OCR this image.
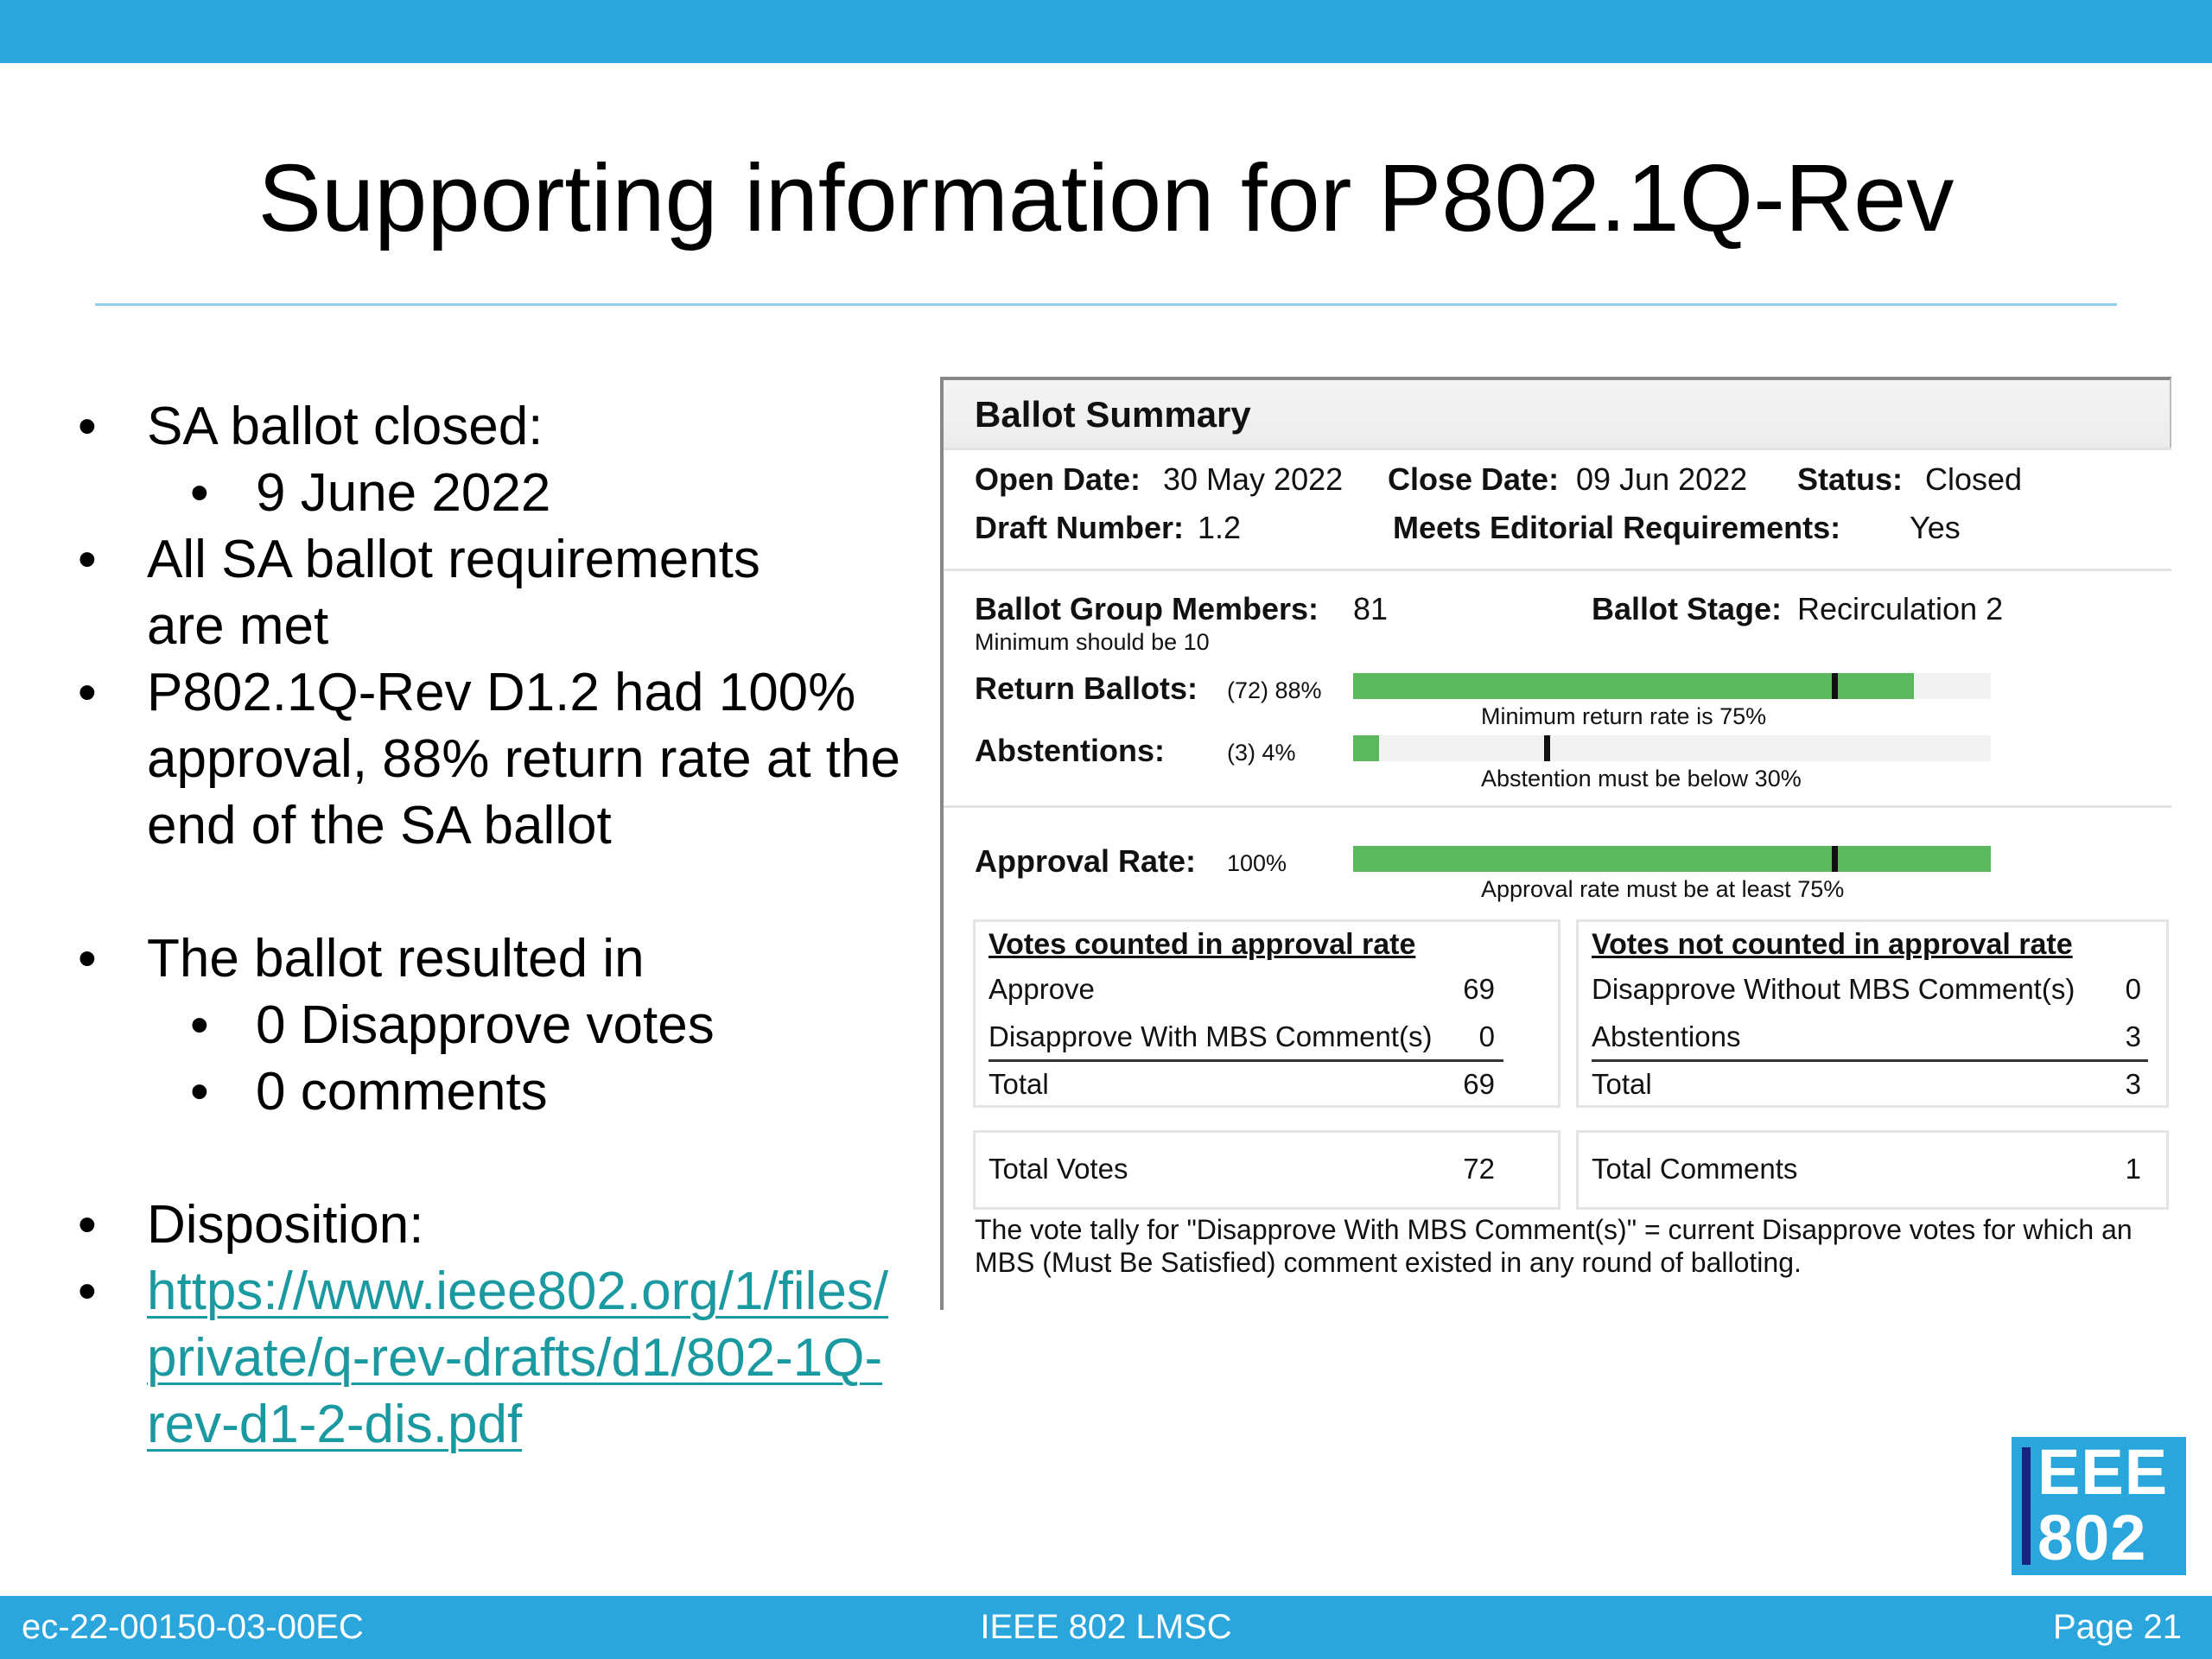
Supporting information for P802.1Q-Rev
• SA ballot closed:
• 9 June 2022
• All SA ballot requirements
are met
• P802.1Q-Rev D1.2 had 100%
approval, 88% return rate at the
end of the SA ballot
• The ballot resulted in
• 0 Disapprove votes
• 0 comments
• Disposition:
• https://www.ieee802.org/1/files/
private/q-rev-drafts/d1/802-1Q-
rev-d1-2-dis.pdf
Ballot Summary
Open Date: 30 May 2022 Close Date: 09 Jun 2022 Status: Closed
Draft Number: 1.2	Meets Editorial Requirements: Yes
Ballot Group Members: 81
Minimum should be 10
Ballot Stage: Recirculation 2
Return Ballots: (72) 88%
Minimum return rate is 75%
Abstentions:	(3) 4%
Abstention must be below 30%
Approval Rate: 100%
Approval rate must be at least 75%
Votes counted in approval rate
Approve	69
Disapprove With MBS Comment(s)	0
Total	69
Votes not counted in approval rate
Disapprove Without MBS Comment(s)	0
Abstentions	3
Total	3
Total Votes	72	Total Comments	1
The vote tally for "Disapprove With MBS Comment(s)" = current Disapprove votes for which an MBS (Must Be Satisfied) comment existed in any round of balloting.
EEE
802
ec-22-00150-03-00EC	IEEE 802 LMSC	Page 21
